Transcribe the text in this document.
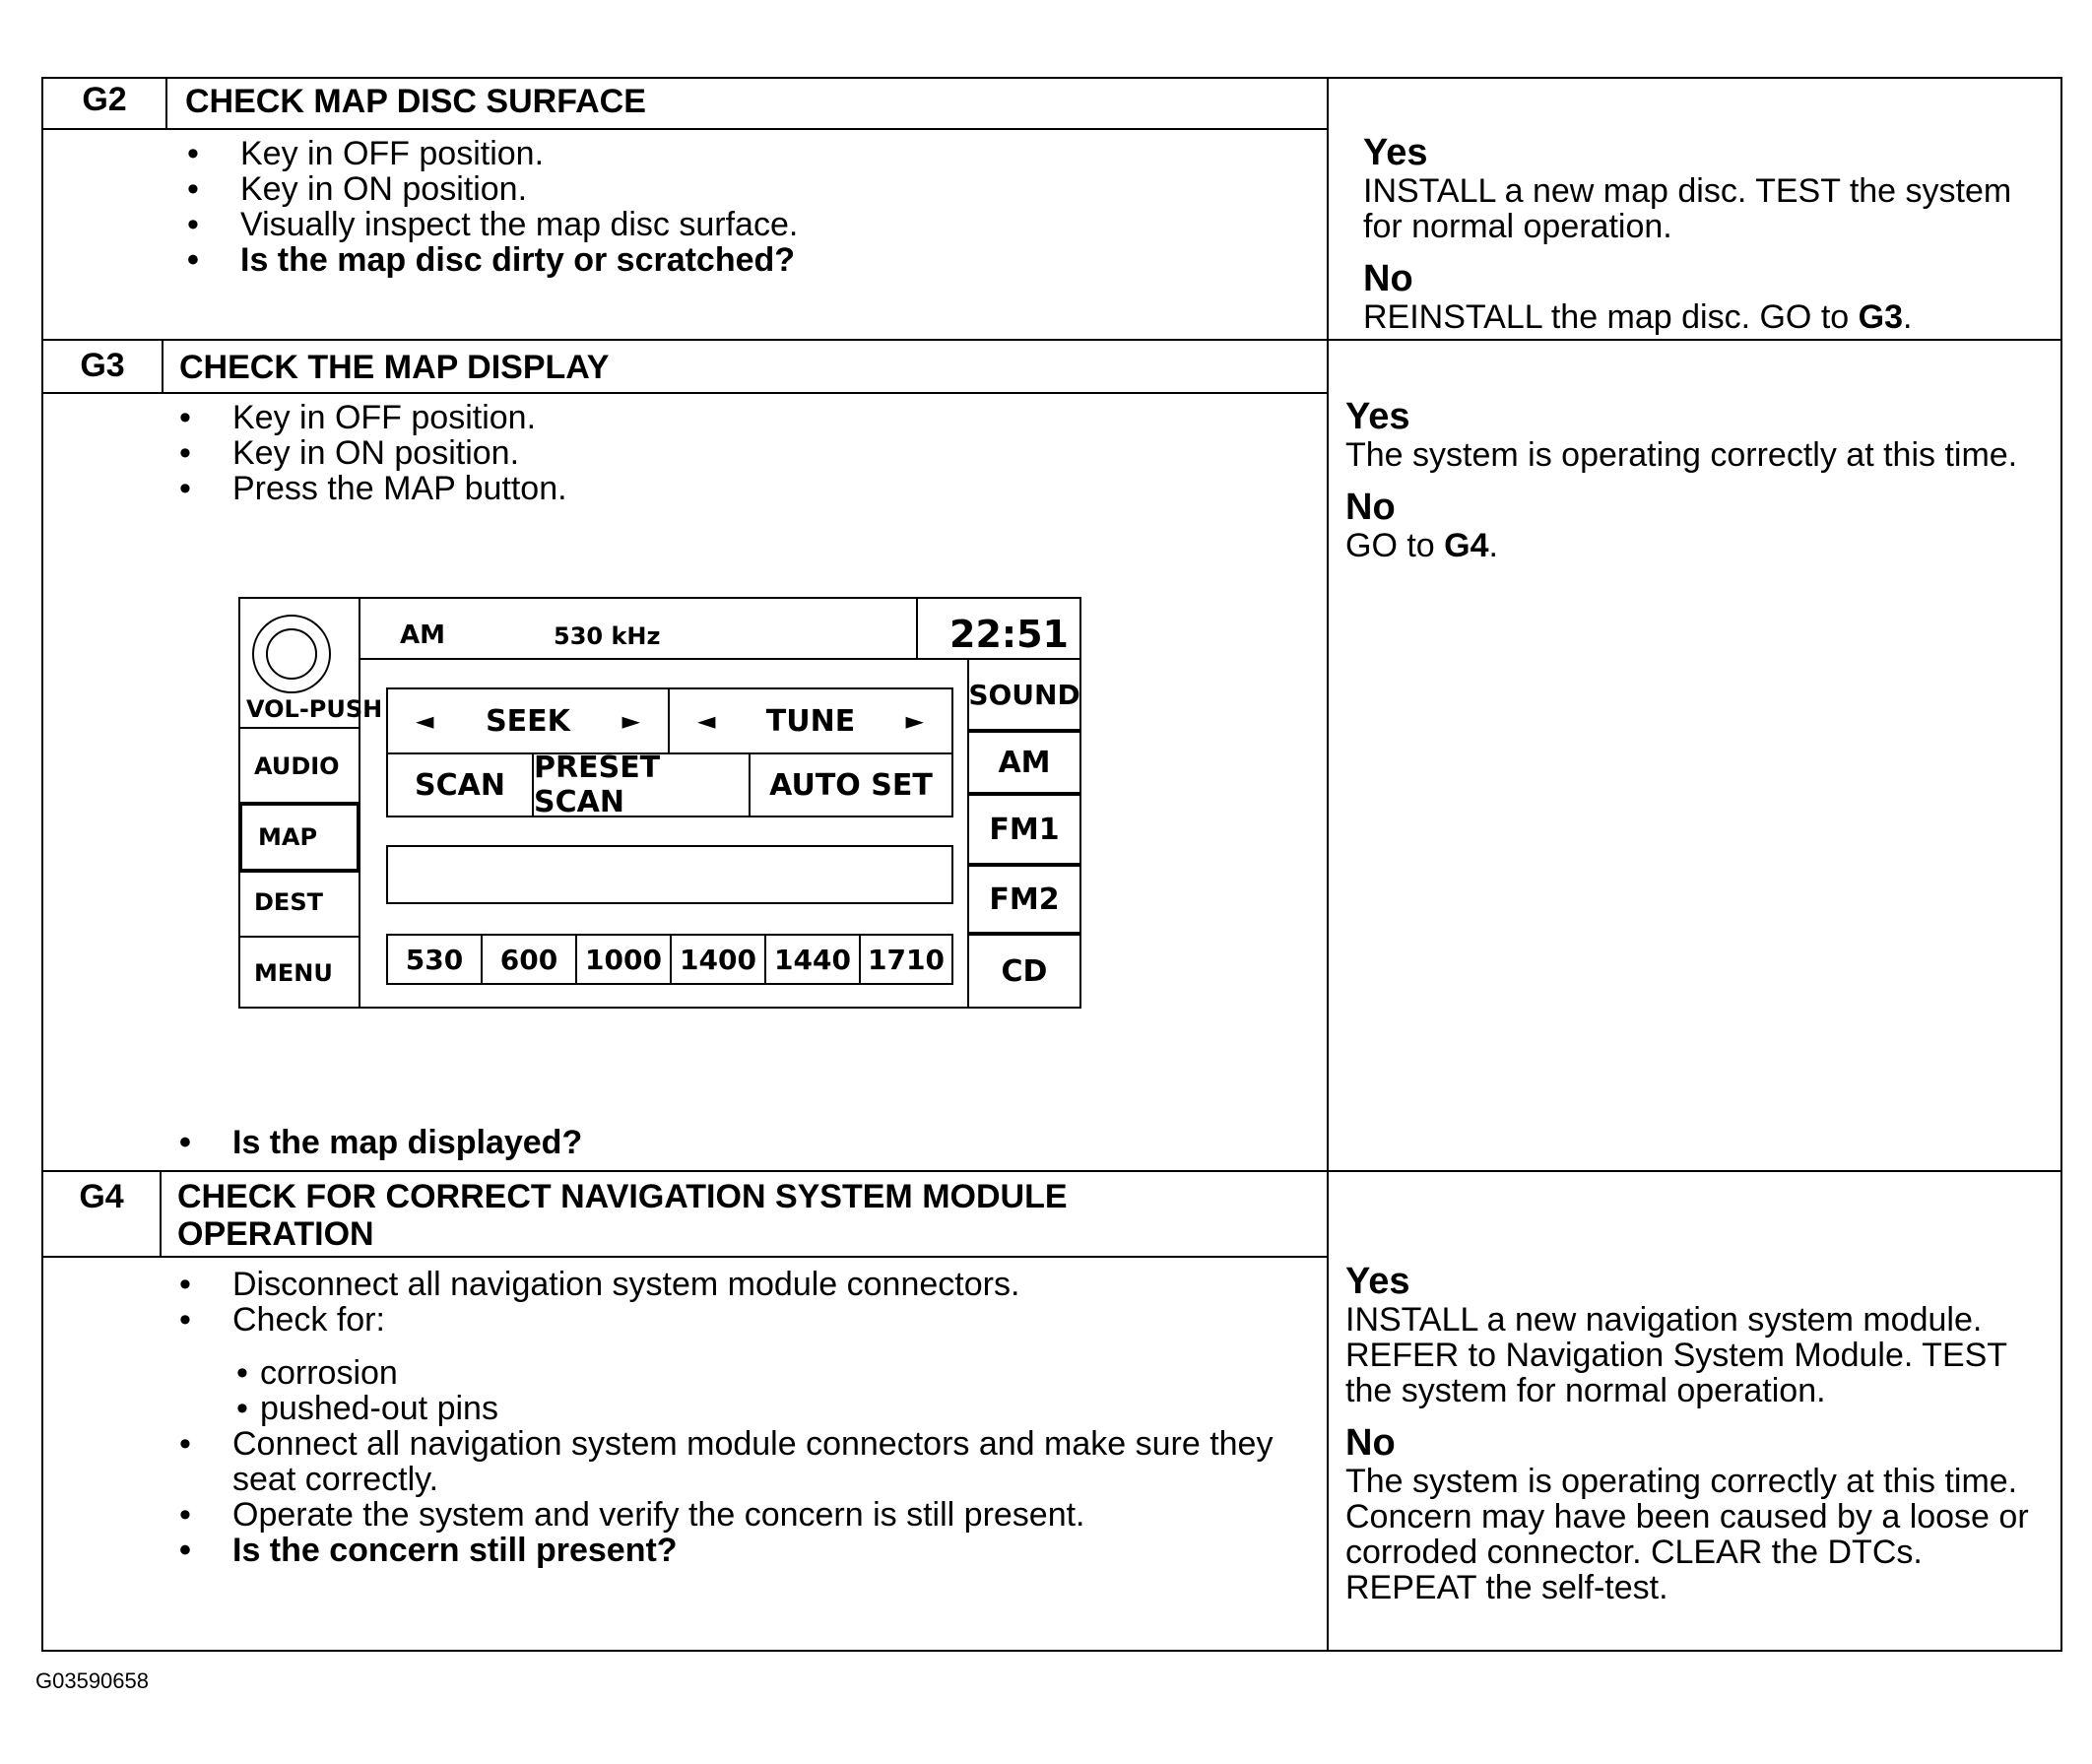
G2	CHECK MAP DISC SURFACE
• Key in OFF position.
• Key in ON position.
• Visually inspect the map disc surface.
• Is the map disc dirty or scratched?
Yes
INSTALL a new map disc. TEST the system for normal operation.
No
REINSTALL the map disc. GO to G3.
G3	CHECK THE MAP DISPLAY
• Key in OFF position.
• Key in ON position.
• Press the MAP button.
• Is the map displayed?
Yes
The system is operating correctly at this time.
No
GO to G4.
VOL-PUSH
AUDIO
MAP
DEST
MENU
AM	530 kHz	22:51
SOUND
AM
FM1
FM2
CD
◄ SEEK ► ◄ TUNE ►
SCAN PRESET SCAN	AUTO SET
530 600 1000 1400 1440 1710
G4	CHECK FOR CORRECT NAVIGATION SYSTEM MODULE
OPERATION
• Disconnect all navigation system module connectors.
• Check for:
• corrosion
• pushed-out pins
• Connect all navigation system module connectors and make sure they seat correctly.
• Operate the system and verify the concern is still present.
• Is the concern still present?
Yes
INSTALL a new navigation system module. REFER to Navigation System Module. TEST the system for normal operation.
No
The system is operating correctly at this time. Concern may have been caused by a loose or corroded connector. CLEAR the DTCs. REPEAT the self-test.
G03590658
